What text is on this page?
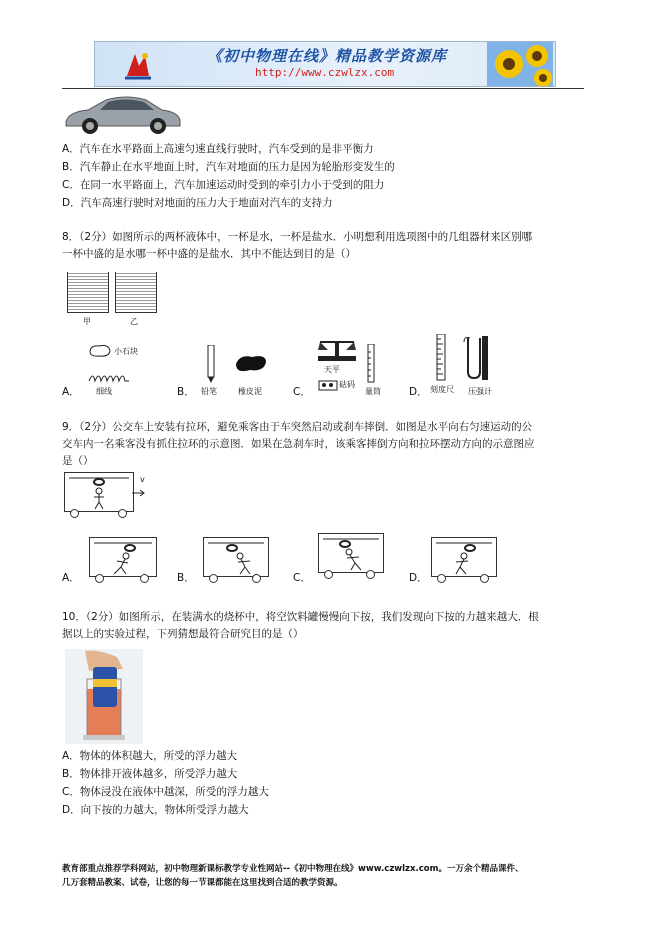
《初中物理在线》精品教学资源库
http://www.czwlzx.com
A．汽车在水平路面上高速匀速直线行驶时，汽车受到的是非平衡力
B．汽车静止在水平地面上时，汽车对地面的压力是因为轮胎形变发生的
C．在同一水平路面上，汽车加速运动时受到的牵引力小于受到的阻力
D．汽车高速行驶时对地面的压力大于地面对汽车的支持力
8．（2分）如图所示的两杯液体中，一杯是水，一杯是盐水．小明想利用选项图中的几组器材来区别哪
一杯中盛的是水哪一杯中盛的是盐水．其中不能达到目的是（）
甲	乙
小石块
细线
A．	B． 铅笔	橡皮泥	C．
天平
砝码
量筒	D． 刻度尺 压强计
9．（2分）公交车上安装有拉环，避免乘客由于车突然启动或刹车摔倒．如图是水平向右匀速运动的公
交车内一名乘客没有抓住拉环的示意图．如果在急刹车时，该乘客摔倒方向和拉环摆动方向的示意图应
是（）
v
A．	B．	C．	D．
10．（2分）如图所示，在装满水的烧杯中，将空饮料罐慢慢向下按，我们发现向下按的力越来越大．根
据以上的实验过程，下列猜想最符合研究目的是（）
A．物体的体积越大，所受的浮力越大
B．物体排开液体越多，所受浮力越大
C．物体浸没在液体中越深，所受的浮力越大
D．向下按的力越大，物体所受浮力越大
教育部重点推荐学科网站，初中物理新课标教学专业性网站--《初中物理在线》www.czwlzx.com。一万余个精品课件、
几万套精品教案、试卷，让您的每一节课都能在这里找到合适的教学资源。
